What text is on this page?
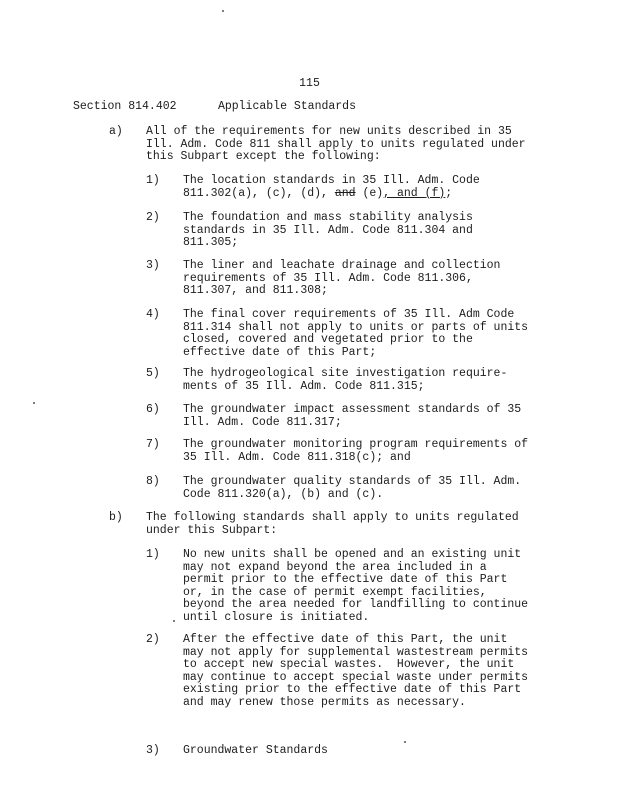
115
Section 814.402	Applicable Standards
a) All of the requirements for new units described in 35
Ill. Adm. Code 811 shall apply to units regulated under
this Subpart except the following:
1) The location standards in 35 Ill. Adm. Code
811.302(a), (c), (d), and (e), and (f);
2) The foundation and mass stability analysis
standards in 35 Ill. Adm. Code 811.304 and
811.305;
3) The liner and leachate drainage and collection
requirements of 35 Ill. Adm. Code 811.306,
811.307, and 811.308;
4) The final cover requirements of 35 Ill. Adm Code
811.314 shall not apply to units or parts of units
closed, covered and vegetated prior to the
effective date of this Part;
5) The hydrogeological site investigation require-
ments of 35 Ill. Adm. Code 811.315;
6) The groundwater impact assessment standards of 35
Ill. Adm. Code 811.317;
7) The groundwater monitoring program requirements of
35 Ill. Adm. Code 811.318(c); and
8) The groundwater quality standards of 35 Ill. Adm.
Code 811.320(a), (b) and (c).
b) The following standards shall apply to units regulated
under this Subpart:
1) No new units shall be opened and an existing unit
may not expand beyond the area included in a
permit prior to the effective date of this Part
or, in the case of permit exempt facilities,
beyond the area needed for landfilling to continue
until closure is initiated.
2) After the effective date of this Part, the unit
may not apply for supplemental wastestream permits
to accept new special wastes.  However, the unit
may continue to accept special waste under permits
existing prior to the effective date of this Part
and may renew those permits as necessary.
3) Groundwater Standards
